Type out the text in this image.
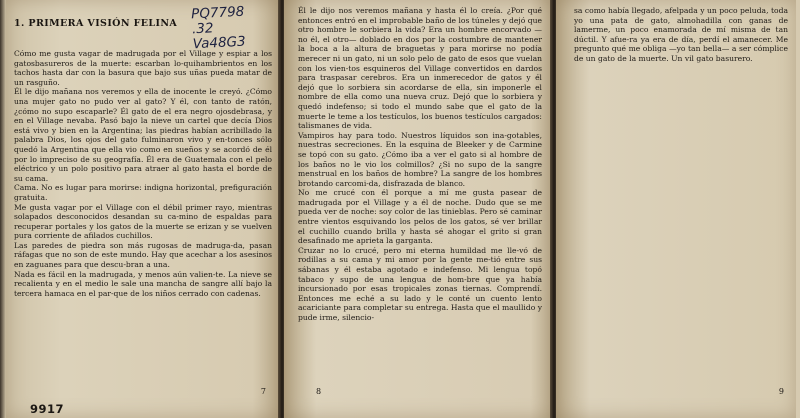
1. PRIMERA VISIÓN FELINA
PQ7798
.32
Va48G3

Cómo me gusta vagar de madrugada por el Village y espiar a los gatosbasureros de la muerte: escarban lo-quihambrientos en los tachos hasta dar con la basura que bajo sus uñas pueda matar de un rasguño.
Él le dijo mañana nos veremos y ella de inocente le creyó. ¿Cómo una mujer gato no pudo ver al gato? Y él, con tanto de ratón, ¿cómo no supo escaparle? Él gato de el era negro ojosdebrasa, y en el Village nevaba. Pasó bajo la nieve un cartel que decía Dios está vivo y bien en la Argentina; las piedras habían acribillado la palabra Dios, los ojos del gato fulminaron vivo y en-tonces sólo quedó la Argentina que ella vio como en sueños y se acordó de él por lo impreciso de su geografía. Él era de Guatemala con el pelo eléctrico y un polo positivo para atraer al gato hasta el borde de su cama.
Cama. No es lugar para morirse: indigna horizontal, prefiguración gratuita.
Me gusta vagar por el Village con el débil primer rayo, mientras solapados desconocidos desandan su ca-mino de espaldas para recuperar portales y los gatos de la muerte se erizan y se vuelven pura corriente de afilados cuchillos.
Las paredes de piedra son más rugosas de madruga-da, pasan ráfagas que no son de este mundo. Hay que acechar a los asesinos en zaguanes para que descu-bran a una.
Nada es fácil en la madrugada, y menos aún valien-te. La nieve se recalienta y en el medio le sale una mancha de sangre allí bajo la tercera hamaca en el par-que de los niños cerrado con cadenas.

7
9917

Él le dijo nos veremos mañana y hasta él lo creía. ¿Por qué entonces entró en el improbable baño de los túneles y dejó que otro hombre le sorbiera la vida? Era un hombre encorvado —no él, el otro— doblado en dos por la costumbre de mantener la boca a la altura de braguetas y para morirse no podía merecer ni un gato, ni un solo pelo de gato de esos que vuelan con los vien-tos esquineros del Village convertidos en dardos para traspasar cerebros. Era un inmerecedor de gatos y él dejó que lo sorbiera sin acordarse de ella, sin imponerle el nombre de ella como una nueva cruz. Dejó que lo sorbiera y quedó indefenso; si todo el mundo sabe que el gato de la muerte le teme a los testículos, los buenos testículos cargados: talismanes de vida.
Vampiros hay para todo. Nuestros líquidos son ina-gotables, nuestras secreciones. En la esquina de Bleeker y de Carmine se topó con su gato. ¿Cómo iba a ver el gato si al hombre de los baños no le vio los colmillos? ¿Si no supo de la sangre menstrual en los baños de hombre? La sangre de los hombres brotando carcomi-da, disfrazada de blanco.
No me crucé con él porque a mí me gusta pasear de madrugada por el Village y a él de noche. Dudo que se me pueda ver de noche: soy color de las tinieblas. Pero sé caminar entre vientos esquivando los pelos de los gatos, sé ver brillar el cuchillo cuando brilla y hasta sé ahogar el grito si gran desafinado me aprieta la garganta.
Cruzar no lo crucé, pero mi eterna humildad me lle-vó de rodillas a su cama y mi amor por la gente me-tió entre sus sábanas y él estaba agotado e indefenso. Mi lengua topó tabaco y supo de una lengua de hom-bre que ya había incursionado por esas tropicales zonas tiernas. Comprendí. Entonces me eché a su lado y le conté un cuento lento acariciante para completar su entrega. Hasta que el maullido y pude irme, silencio-

8

sa como había llegado, afelpada y un poco peluda, toda yo una pata de gato, almohadilla con ganas de lamerme, un poco enamorada de mí misma de tan dúctil. Y afue-ra ya era de día, perdí el amanecer. Me pregunto qué me obliga —yo tan bella— a ser cómplice de un gato de la muerte. Un vil gato basurero.

9
